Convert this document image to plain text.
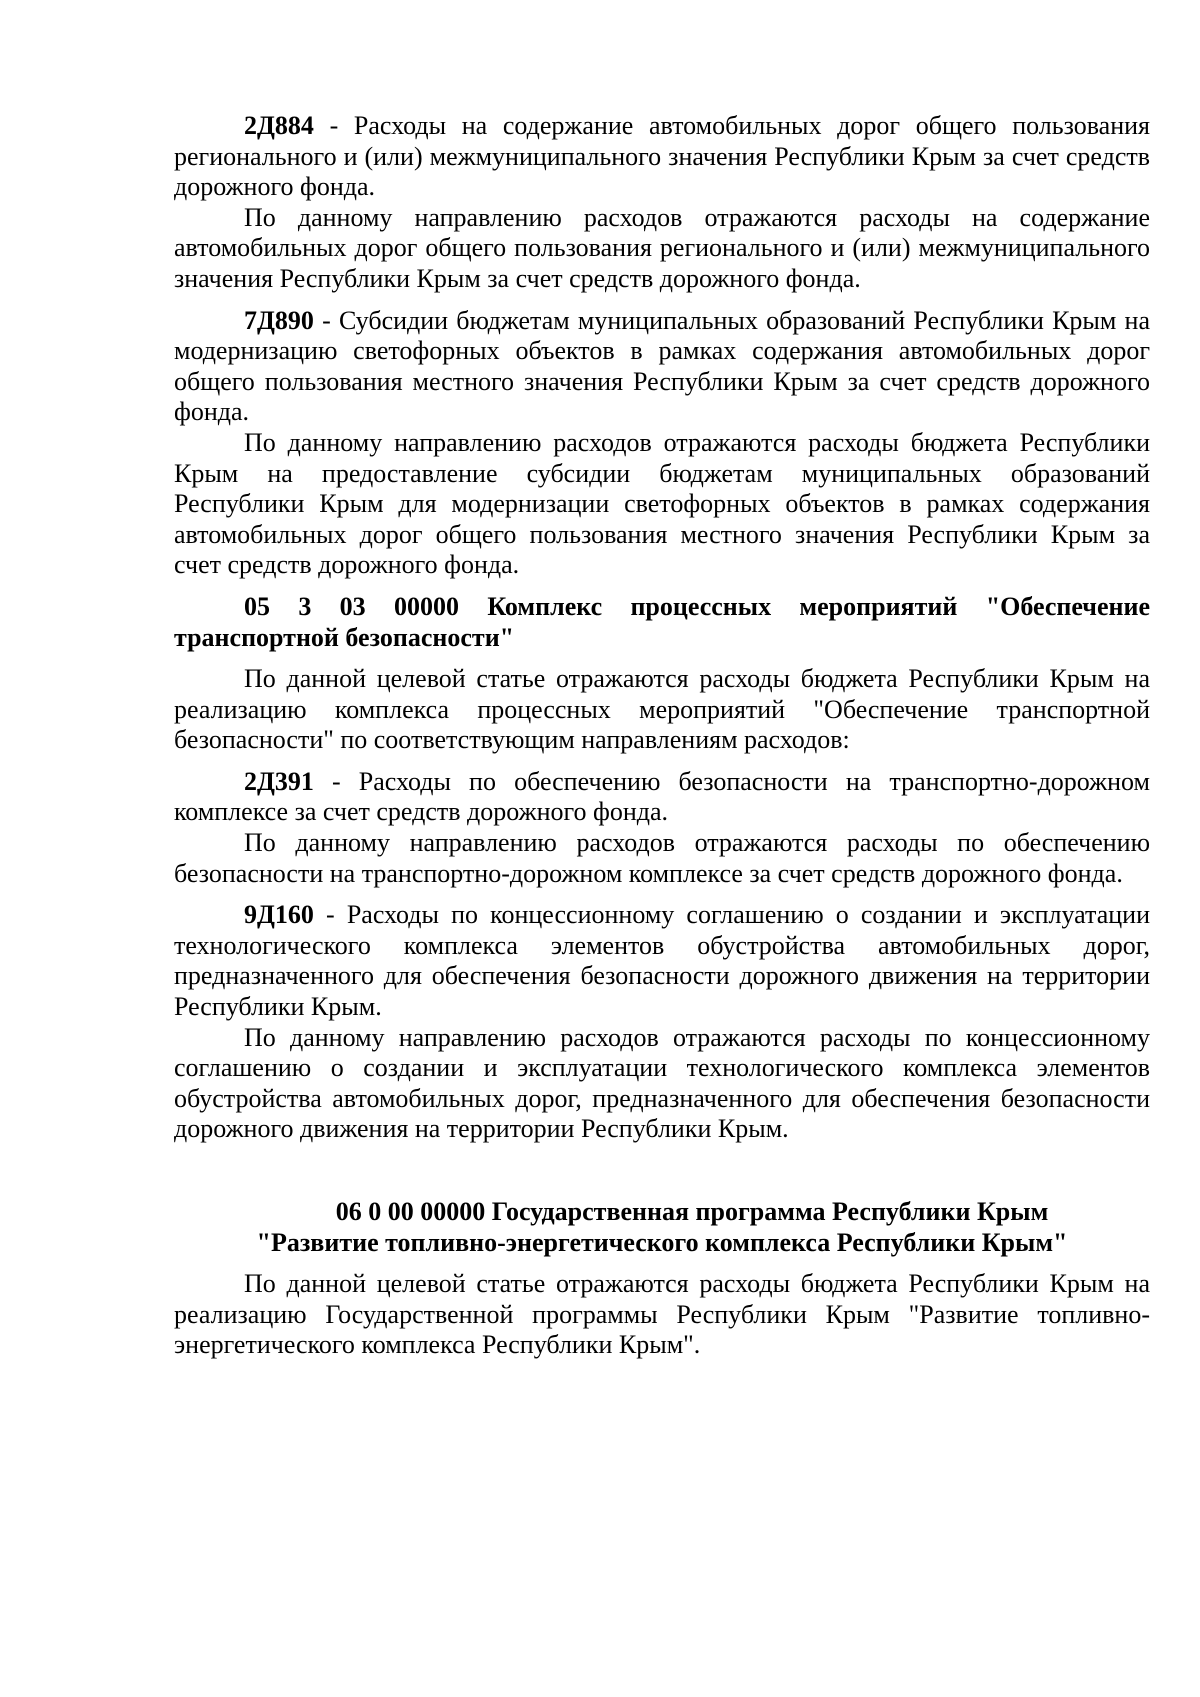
2Д884 - Расходы на содержание автомобильных дорог общего пользования регионального и (или) межмуниципального значения Республики Крым за счет средств дорожного фонда.

По данному направлению расходов отражаются расходы на содержание автомобильных дорог общего пользования регионального и (или) межмуниципального значения Республики Крым за счет средств дорожного фонда.

7Д890 - Субсидии бюджетам муниципальных образований Республики Крым на модернизацию светофорных объектов в рамках содержания автомобильных дорог общего пользования местного значения Республики Крым за счет средств дорожного фонда.

По данному направлению расходов отражаются расходы бюджета Республики Крым на предоставление субсидии бюджетам муниципальных образований Республики Крым для модернизации светофорных объектов в рамках содержания автомобильных дорог общего пользования местного значения Республики Крым за счет средств дорожного фонда.

05 3 03 00000 Комплекс процессных мероприятий "Обеспечение транспортной безопасности"

По данной целевой статье отражаются расходы бюджета Республики Крым на реализацию комплекса процессных мероприятий "Обеспечение транспортной безопасности" по соответствующим направлениям расходов:

2Д391 - Расходы по обеспечению безопасности на транспортно-дорожном комплексе за счет средств дорожного фонда.

По данному направлению расходов отражаются расходы по обеспечению безопасности на транспортно-дорожном комплексе за счет средств дорожного фонда.

9Д160 - Расходы по концессионному соглашению о создании и эксплуатации технологического комплекса элементов обустройства автомобильных дорог, предназначенного для обеспечения безопасности дорожного движения на территории Республики Крым.

По данному направлению расходов отражаются расходы по концессионному соглашению о создании и эксплуатации технологического комплекса элементов обустройства автомобильных дорог, предназначенного для обеспечения безопасности дорожного движения на территории Республики Крым.

06 0 00 00000 Государственная программа Республики Крым
"Развитие топливно-энергетического комплекса Республики Крым"

По данной целевой статье отражаются расходы бюджета Республики Крым на реализацию Государственной программы Республики Крым "Развитие топливно-энергетического комплекса Республики Крым".
